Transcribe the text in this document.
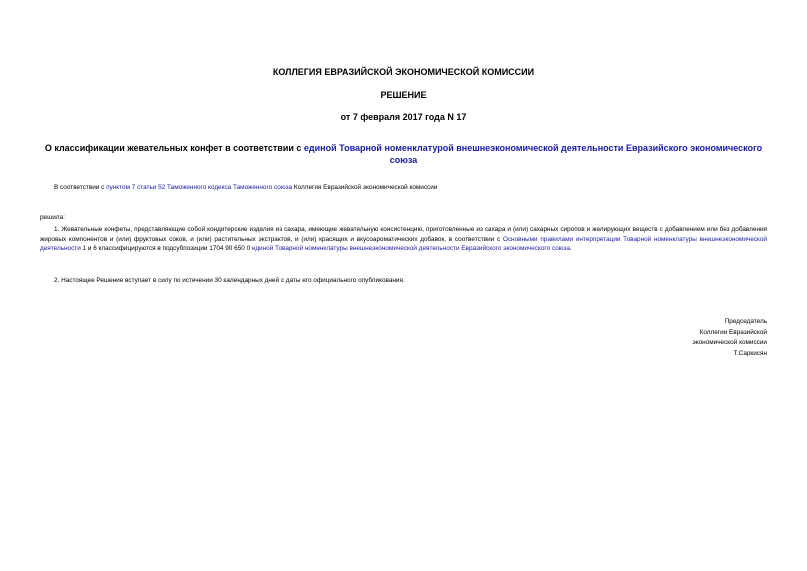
КОЛЛЕГИЯ ЕВРАЗИЙСКОЙ ЭКОНОМИЧЕСКОЙ КОМИССИИ
РЕШЕНИЕ
от 7 февраля 2017 года N 17
О классификации жевательных конфет в соответствии с единой Товарной номенклатурой внешнеэкономической деятельности Евразийского экономического союза
В соответствии с пунктом 7 статьи 52 Таможенного кодекса Таможенного союза Коллегия Евразийской экономической комиссии
решила:
1. Жевательные конфеты, представляющие собой кондитерские изделия из сахара, имеющие жевательную консистенцию, приготовленные из сахара и (или) сахарных сиропов и желирующих веществ с добавлением или без добавления жировых компонентов и (или) фруктовых соков, и (или) растительных экстрактов, и (или) красящих и вкусоароматических добавок, в соответствии с Основными правилами интерпретации Товарной номенклатуры внешнеэкономической деятельности 1 и 6 классифицируются в подсубпозиции 1704 90 650 0 единой Товарной номенклатуры внешнеэкономической деятельности Евразийского экономического союза.
2. Настоящее Решение вступает в силу по истечении 30 календарных дней с даты его официального опубликования.
Председатель
Коллегии Евразийской
экономической комиссии
Т.Саркисян
